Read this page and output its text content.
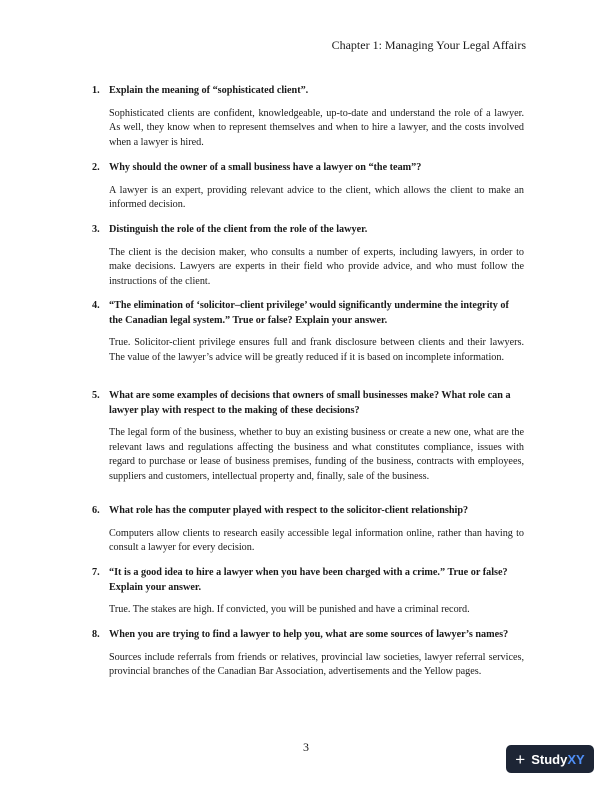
Chapter 1: Managing Your Legal Affairs
1. Explain the meaning of “sophisticated client”.
Sophisticated clients are confident, knowledgeable, up-to-date and understand the role of a lawyer. As well, they know when to represent themselves and when to hire a lawyer, and the costs involved when a lawyer is hired.
2. Why should the owner of a small business have a lawyer on “the team”?
A lawyer is an expert, providing relevant advice to the client, which allows the client to make an informed decision.
3. Distinguish the role of the client from the role of the lawyer.
The client is the decision maker, who consults a number of experts, including lawyers, in order to make decisions. Lawyers are experts in their field who provide advice, and who must follow the instructions of the client.
4. “The elimination of ‘solicitor–client privilege’ would significantly undermine the integrity of the Canadian legal system.” True or false? Explain your answer.
True. Solicitor-client privilege ensures full and frank disclosure between clients and their lawyers. The value of the lawyer’s advice will be greatly reduced if it is based on incomplete information.
5. What are some examples of decisions that owners of small businesses make? What role can a lawyer play with respect to the making of these decisions?
The legal form of the business, whether to buy an existing business or create a new one, what are the relevant laws and regulations affecting the business and what constitutes compliance, issues with regard to purchase or lease of business premises, funding of the business, contracts with employees, suppliers and customers, intellectual property and, finally, sale of the business.
6. What role has the computer played with respect to the solicitor-client relationship?
Computers allow clients to research easily accessible legal information online, rather than having to consult a lawyer for every decision.
7. “It is a good idea to hire a lawyer when you have been charged with a crime.” True or false? Explain your answer.
True. The stakes are high. If convicted, you will be punished and have a criminal record.
8. When you are trying to find a lawyer to help you, what are some sources of lawyer’s names?
Sources include referrals from friends or relatives, provincial law societies, lawyer referral services, provincial branches of the Canadian Bar Association, advertisements and the Yellow pages.
3
+ StudyXY
